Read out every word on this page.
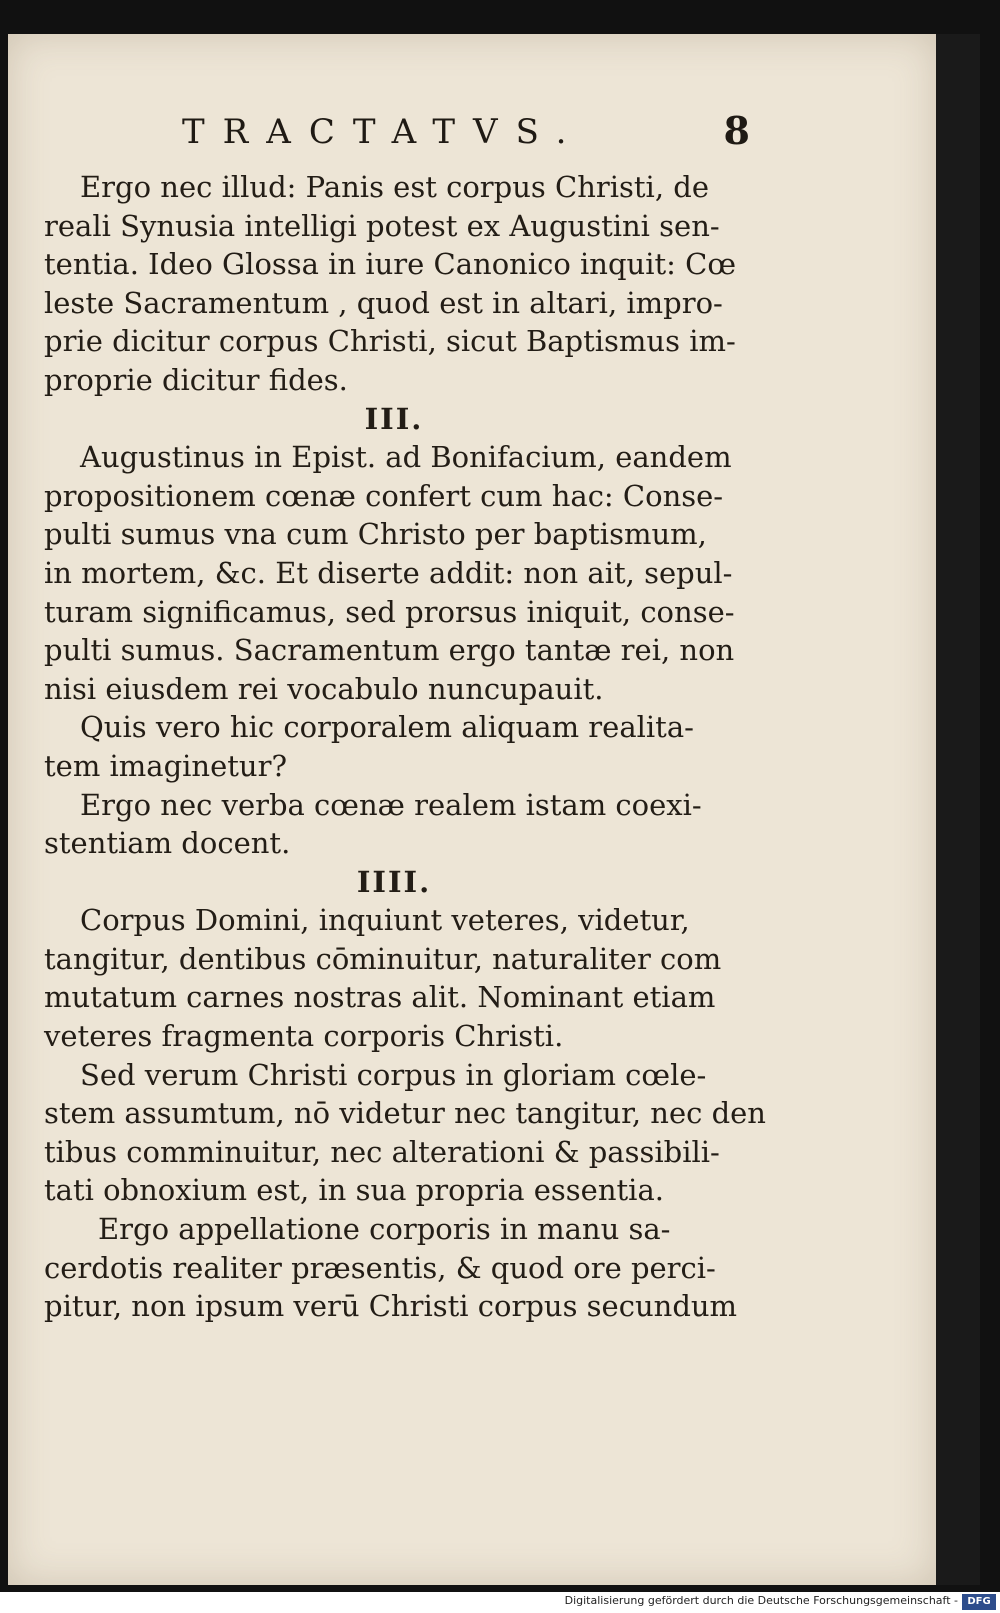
TRACTATVS.	8
Ergo nec illud: Panis est corpus Christi, de
reali Synusia intelligi potest ex Augustini sen-
tentia. Ideo Glossa in iure Canonico inquit: Cœ
leste Sacramentum , quod est in altari, impro-
prie dicitur corpus Christi, sicut Baptismus im-
proprie dicitur fides.
III.
Augustinus in Epist. ad Bonifacium, eandem
propositionem cœnæ confert cum hac: Conse-
pulti sumus vna cum Christo per baptismum,
in mortem, &c. Et diserte addit: non ait, sepul-
turam significamus, sed prorsus iniquit, conse-
pulti sumus. Sacramentum ergo tantæ rei, non
nisi eiusdem rei vocabulo nuncupauit.
Quis vero hic corporalem aliquam realita-
tem imaginetur?
Ergo nec verba cœnæ realem istam coexi-
stentiam docent.
IIII.
Corpus Domini, inquiunt veteres, videtur,
tangitur, dentibus cōminuitur, naturaliter com
mutatum carnes nostras alit. Nominant etiam
veteres fragmenta corporis Christi.
Sed verum Christi corpus in gloriam cœle-
stem assumtum, nō videtur nec tangitur, nec den
tibus comminuitur, nec alterationi & passibili-
tati obnoxium est, in sua propria essentia.
Ergo appellatione corporis in manu sa-
cerdotis realiter præsentis, & quod ore perci-
pitur, non ipsum verū Christi corpus secundum
Digitalisierung gefördert durch die Deutsche Forschungsgemeinschaft - DFG
